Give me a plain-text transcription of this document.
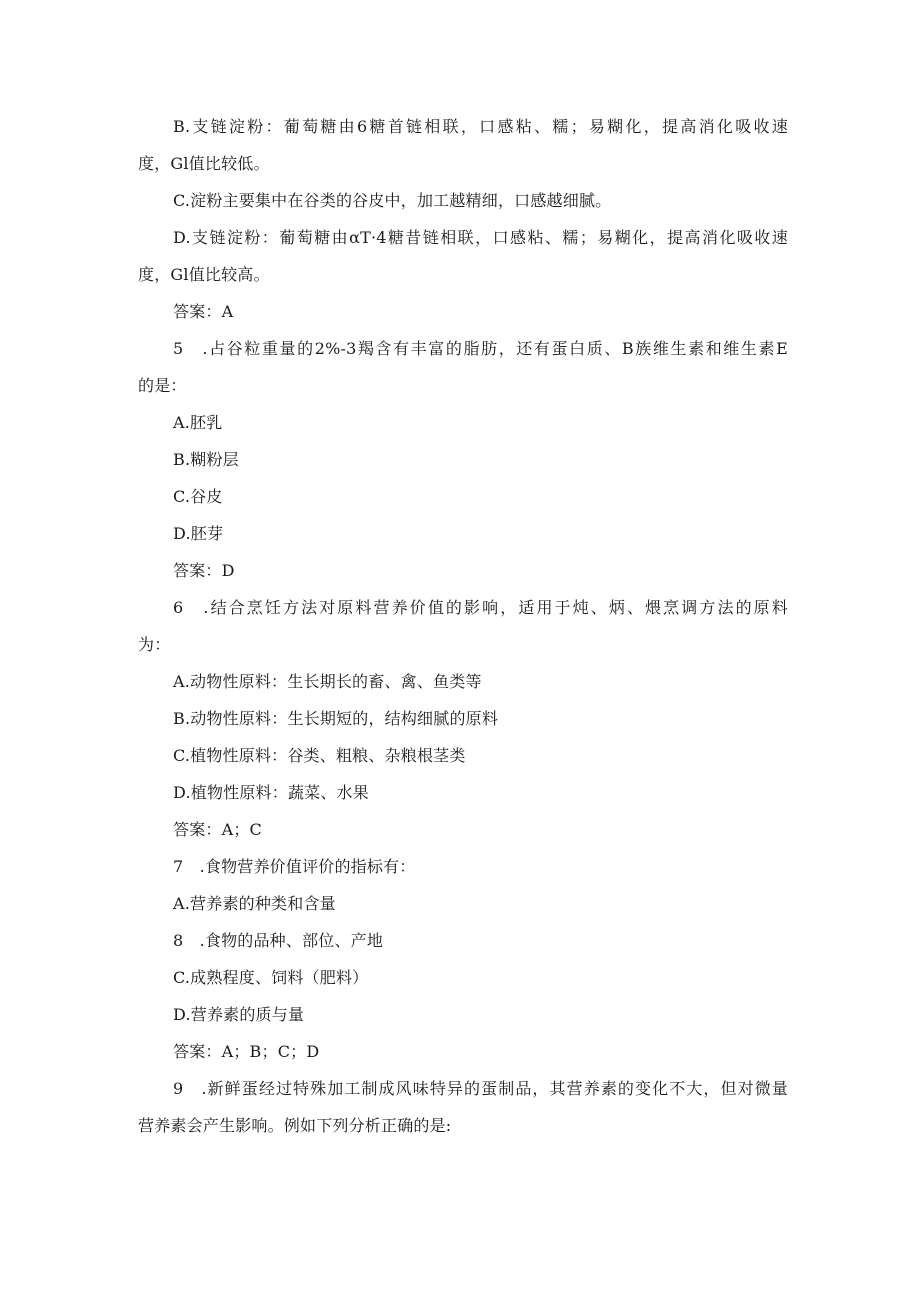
B.支链淀粉：葡萄糖由6糖首链相联，口感粘、糯；易糊化，提高消化吸收速
度，Gl值比较低。
C.淀粉主要集中在谷类的谷皮中，加工越精细，口感越细腻。
D.支链淀粉：葡萄糖由αT·4糖昔链相联，口感粘、糯；易糊化，提高消化吸收速
度，Gl值比较高。
答案：A
5　.占谷粒重量的2%-3羯含有丰富的脂肪，还有蛋白质、B族维生素和维生素E
的是：
A.胚乳
B.糊粉层
C.谷皮
D.胚芽
答案：D
6　.结合烹饪方法对原料营养价值的影响，适用于炖、炳、煨烹调方法的原料
为：
A.动物性原料：生长期长的畜、禽、鱼类等
B.动物性原料：生长期短的，结构细腻的原料
C.植物性原料：谷类、粗粮、杂粮根茎类
D.植物性原料：蔬菜、水果
答案：A；C
7　.食物营养价值评价的指标有：
A.营养素的种类和含量
8　.食物的品种、部位、产地
C.成熟程度、饲料（肥料）
D.营养素的质与量
答案：A；B；C；D
9　.新鲜蛋经过特殊加工制成风味特异的蛋制品，其营养素的变化不大，但对微量
营养素会产生影响。例如下列分析正确的是:
